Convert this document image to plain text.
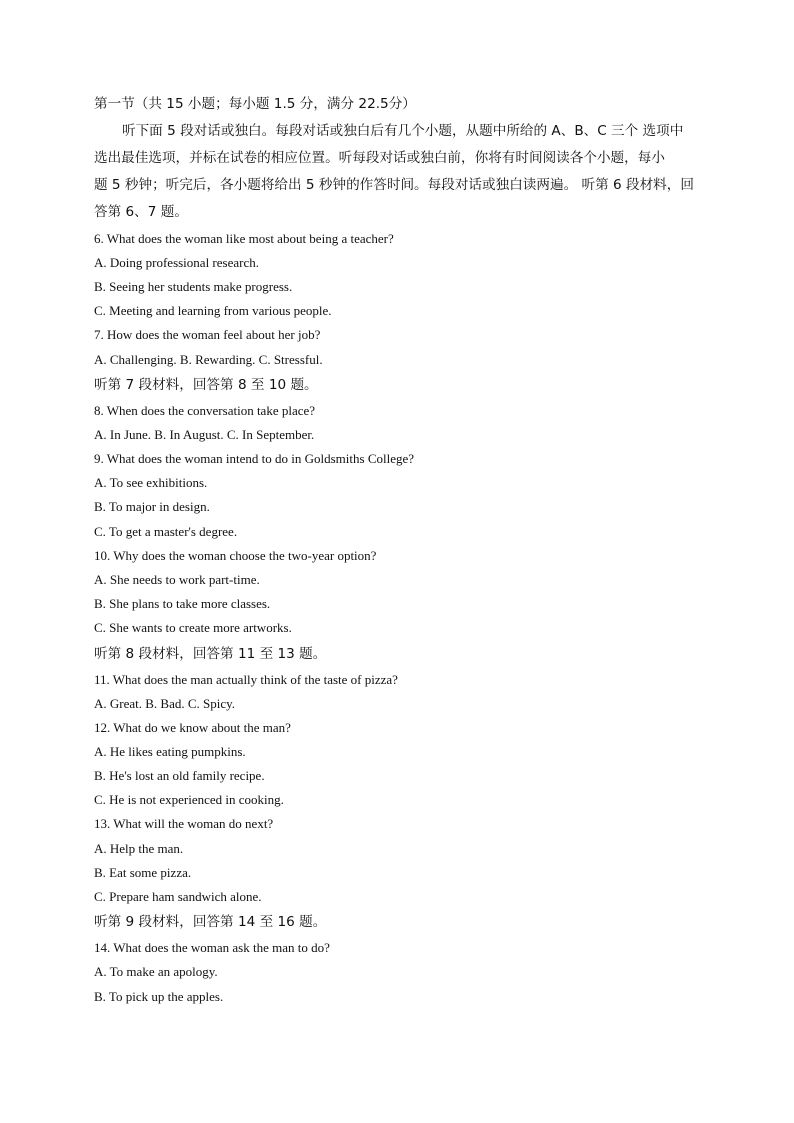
第一节（共 15 小题；每小题 1.5 分，满分 22.5分）
听下面 5 段对话或独白。每段对话或独白后有几个小题，从题中所给的 A、B、C 三个 选项中
选出最佳选项，并标在试卷的相应位置。听每段对话或独白前，你将有时间阅读各个小题，每小
题 5 秒钟；听完后，各小题将给出 5 秒钟的作答时间。每段对话或独白读两遍。 听第 6 段材料，回
答第 6、7 题。
6. What does the woman like most about being a teacher?
A. Doing professional research.
B. Seeing her students make progress.
C. Meeting and learning from various people.
7. How does the woman feel about her job?
A. Challenging. B. Rewarding. C. Stressful.
听第 7 段材料，回答第 8 至 10 题。
8. When does the conversation take place?
A. In June. B. In August. C. In September.
9. What does the woman intend to do in Goldsmiths College?
A. To see exhibitions.
B. To major in design.
C. To get a master's degree.
10. Why does the woman choose the two-year option?
A. She needs to work part-time.
B. She plans to take more classes.
C. She wants to create more artworks.
听第 8 段材料，回答第 11 至 13 题。
11. What does the man actually think of the taste of pizza?
A. Great. B. Bad. C. Spicy.
12. What do we know about the man?
A. He likes eating pumpkins.
B. He's lost an old family recipe.
C. He is not experienced in cooking.
13. What will the woman do next?
A. Help the man.
B. Eat some pizza.
C. Prepare ham sandwich alone.
听第 9 段材料，回答第 14 至 16 题。
14. What does the woman ask the man to do?
A. To make an apology.
B. To pick up the apples.
